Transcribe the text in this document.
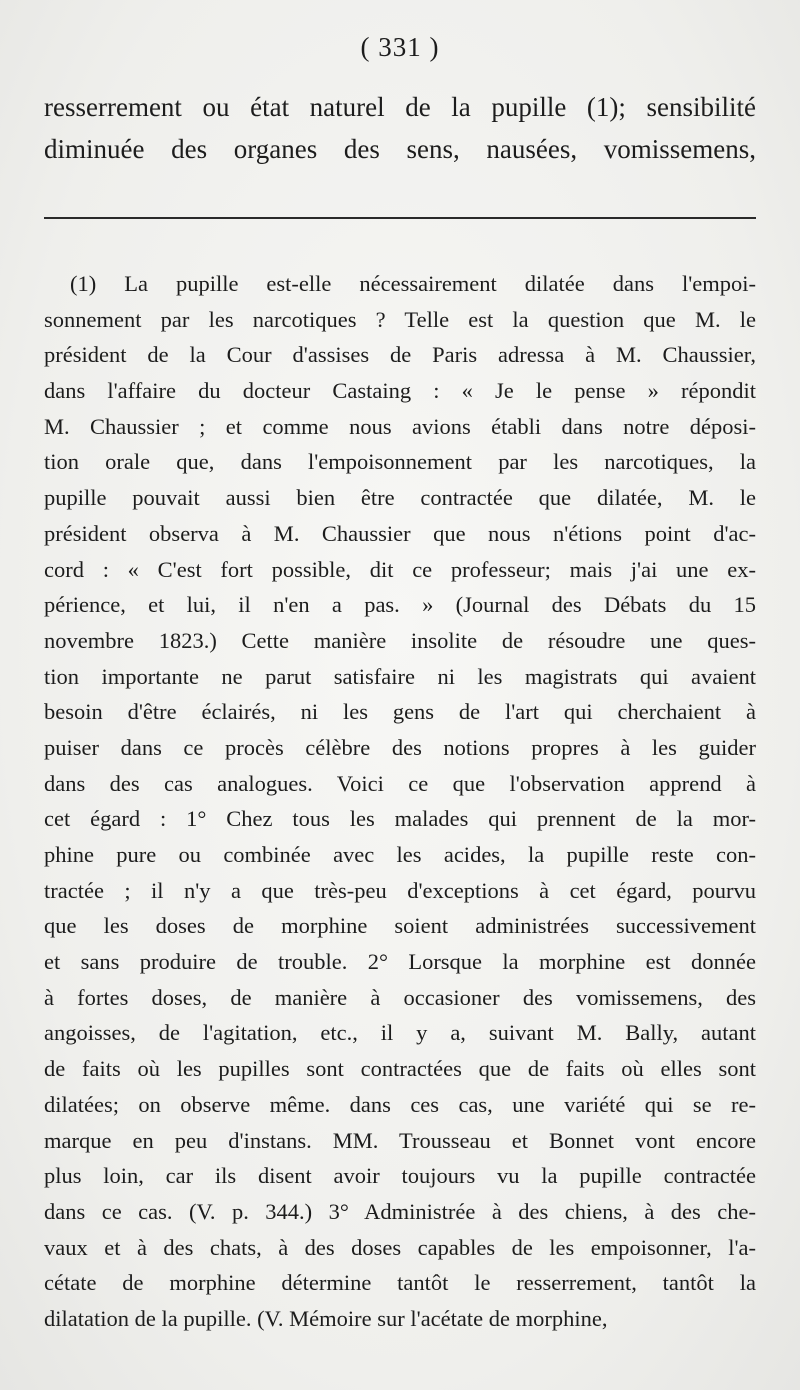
( 331 )
resserrement ou état naturel de la pupille (1); sensibilité
diminuée des organes des sens, nausées, vomissemens,
(1) La pupille est-elle nécessairement dilatée dans l'empoi-
sonnement par les narcotiques ? Telle est la question que M. le
président de la Cour d'assises de Paris adressa à M. Chaussier,
dans l'affaire du docteur Castaing : « Je le pense » répondit
M. Chaussier ; et comme nous avions établi dans notre déposi-
tion orale que, dans l'empoisonnement par les narcotiques, la
pupille pouvait aussi bien être contractée que dilatée, M. le
président observa à M. Chaussier que nous n'étions point d'ac-
cord : « C'est fort possible, dit ce professeur; mais j'ai une ex-
périence, et lui, il n'en a pas. » (Journal des Débats du 15
novembre 1823.) Cette manière insolite de résoudre une ques-
tion importante ne parut satisfaire ni les magistrats qui avaient
besoin d'être éclairés, ni les gens de l'art qui cherchaient à
puiser dans ce procès célèbre des notions propres à les guider
dans des cas analogues. Voici ce que l'observation apprend à
cet égard : 1° Chez tous les malades qui prennent de la mor-
phine pure ou combinée avec les acides, la pupille reste con-
tractée ; il n'y a que très-peu d'exceptions à cet égard, pourvu
que les doses de morphine soient administrées successivement
et sans produire de trouble. 2° Lorsque la morphine est donnée
à fortes doses, de manière à occasioner des vomissemens, des
angoisses, de l'agitation, etc., il y a, suivant M. Bally, autant
de faits où les pupilles sont contractées que de faits où elles sont
dilatées; on observe même. dans ces cas, une variété qui se re-
marque en peu d'instans. MM. Trousseau et Bonnet vont encore
plus loin, car ils disent avoir toujours vu la pupille contractée
dans ce cas. (V. p. 344.) 3° Administrée à des chiens, à des che-
vaux et à des chats, à des doses capables de les empoisonner, l'a-
cétate de morphine détermine tantôt le resserrement, tantôt la
dilatation de la pupille. (V. Mémoire sur l'acétate de morphine,
